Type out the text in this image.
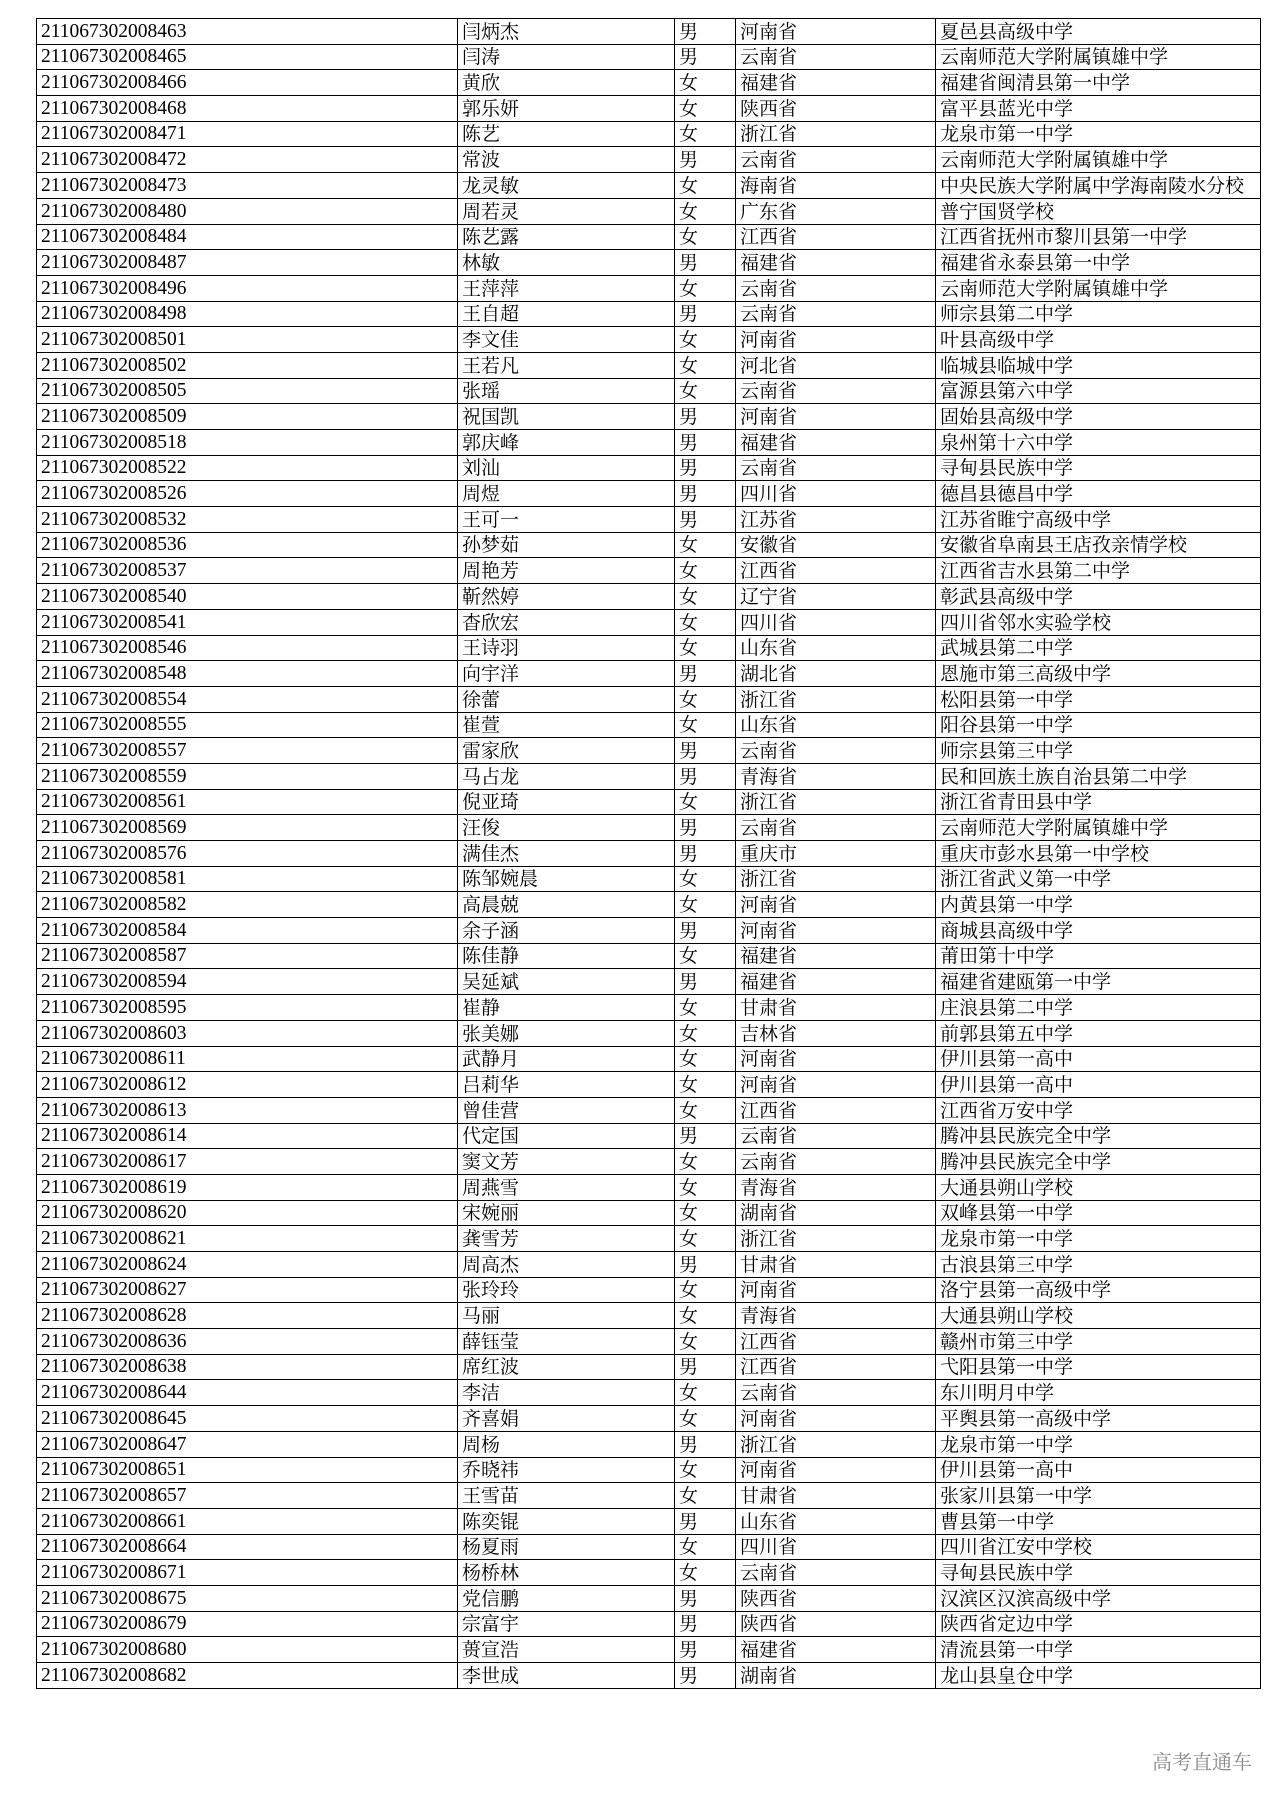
211067302008463	闫炳杰	男	河南省	夏邑县高级中学
211067302008465	闫涛	男	云南省	云南师范大学附属镇雄中学
211067302008466	黄欣	女	福建省	福建省闽清县第一中学
211067302008468	郭乐妍	女	陕西省	富平县蓝光中学
211067302008471	陈艺	女	浙江省	龙泉市第一中学
211067302008472	常波	男	云南省	云南师范大学附属镇雄中学
211067302008473	龙灵敏	女	海南省	中央民族大学附属中学海南陵水分校
211067302008480	周若灵	女	广东省	普宁国贤学校
211067302008484	陈艺露	女	江西省	江西省抚州市黎川县第一中学
211067302008487	林敏	男	福建省	福建省永泰县第一中学
211067302008496	王萍萍	女	云南省	云南师范大学附属镇雄中学
211067302008498	王自超	男	云南省	师宗县第二中学
211067302008501	李文佳	女	河南省	叶县高级中学
211067302008502	王若凡	女	河北省	临城县临城中学
211067302008505	张瑶	女	云南省	富源县第六中学
211067302008509	祝国凯	男	河南省	固始县高级中学
211067302008518	郭庆峰	男	福建省	泉州第十六中学
211067302008522	刘汕	男	云南省	寻甸县民族中学
211067302008526	周煜	男	四川省	德昌县德昌中学
211067302008532	王可一	男	江苏省	江苏省睢宁高级中学
211067302008536	孙梦茹	女	安徽省	安徽省阜南县王店孜亲情学校
211067302008537	周艳芳	女	江西省	江西省吉水县第二中学
211067302008540	靳然婷	女	辽宁省	彰武县高级中学
211067302008541	杳欣宏	女	四川省	四川省邻水实验学校
211067302008546	王诗羽	女	山东省	武城县第二中学
211067302008548	向宇洋	男	湖北省	恩施市第三高级中学
211067302008554	徐蕾	女	浙江省	松阳县第一中学
211067302008555	崔萱	女	山东省	阳谷县第一中学
211067302008557	雷家欣	男	云南省	师宗县第三中学
211067302008559	马占龙	男	青海省	民和回族土族自治县第二中学
211067302008561	倪亚琦	女	浙江省	浙江省青田县中学
211067302008569	汪俊	男	云南省	云南师范大学附属镇雄中学
211067302008576	满佳杰	男	重庆市	重庆市彭水县第一中学校
211067302008581	陈邹婉晨	女	浙江省	浙江省武义第一中学
211067302008582	高晨兢	女	河南省	内黄县第一中学
211067302008584	余子涵	男	河南省	商城县高级中学
211067302008587	陈佳静	女	福建省	莆田第十中学
211067302008594	吴延斌	男	福建省	福建省建瓯第一中学
211067302008595	崔静	女	甘肃省	庄浪县第二中学
211067302008603	张美娜	女	吉林省	前郭县第五中学
211067302008611	武静月	女	河南省	伊川县第一高中
211067302008612	吕莉华	女	河南省	伊川县第一高中
211067302008613	曾佳营	女	江西省	江西省万安中学
211067302008614	代定国	男	云南省	腾冲县民族完全中学
211067302008617	窦文芳	女	云南省	腾冲县民族完全中学
211067302008619	周燕雪	女	青海省	大通县朔山学校
211067302008620	宋婉丽	女	湖南省	双峰县第一中学
211067302008621	龚雪芳	女	浙江省	龙泉市第一中学
211067302008624	周高杰	男	甘肃省	古浪县第三中学
211067302008627	张玲玲	女	河南省	洛宁县第一高级中学
211067302008628	马丽	女	青海省	大通县朔山学校
211067302008636	薛钰莹	女	江西省	赣州市第三中学
211067302008638	席红波	男	江西省	弋阳县第一中学
211067302008644	李洁	女	云南省	东川明月中学
211067302008645	齐喜娟	女	河南省	平舆县第一高级中学
211067302008647	周杨	男	浙江省	龙泉市第一中学
211067302008651	乔晓祎	女	河南省	伊川县第一高中
211067302008657	王雪苗	女	甘肃省	张家川县第一中学
211067302008661	陈奕锟	男	山东省	曹县第一中学
211067302008664	杨夏雨	女	四川省	四川省江安中学校
211067302008671	杨桥林	女	云南省	寻甸县民族中学
211067302008675	党信鹏	男	陕西省	汉滨区汉滨高级中学
211067302008679	宗富宇	男	陕西省	陕西省定边中学
211067302008680	蒉宣浩	男	福建省	清流县第一中学
211067302008682	李世成	男	湖南省	龙山县皇仓中学
高考直通车
